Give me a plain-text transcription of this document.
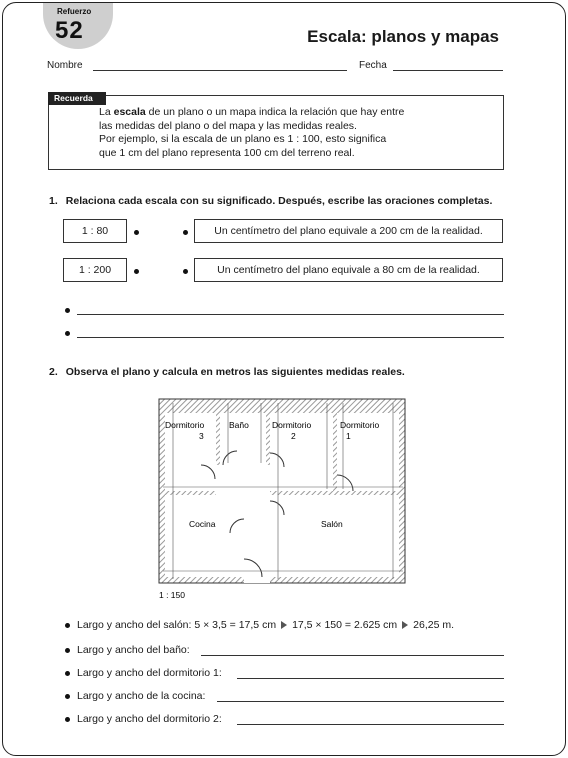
Refuerzo
52	Escala: planos y mapas
Nombre	Fecha
Recuerda
La escala de un plano o un mapa indica la relación que hay entre
las medidas del plano o del mapa y las medidas reales.
Por ejemplo, si la escala de un plano es 1 : 100, esto significa
que 1 cm del plano representa 100 cm del terreno real.
1. Relaciona cada escala con su significado. Después, escribe las oraciones completas.
1 : 80	Un centímetro del plano equivale a 200 cm de la realidad.
1 : 200	Un centímetro del plano equivale a 80 cm de la realidad.
2. Observa el plano y calcula en metros las siguientes medidas reales.
Dormitorio
3
Baño	Dormitorio
2
Dormitorio
1
Cocina	Salón
1 : 150
Largo y ancho del salón: 5 × 3,5 = 17,5 cm 17,5 × 150 = 2.625 cm 26,25 m.
Largo y ancho del baño:
Largo y ancho del dormitorio 1:
Largo y ancho de la cocina:
Largo y ancho del dormitorio 2:
